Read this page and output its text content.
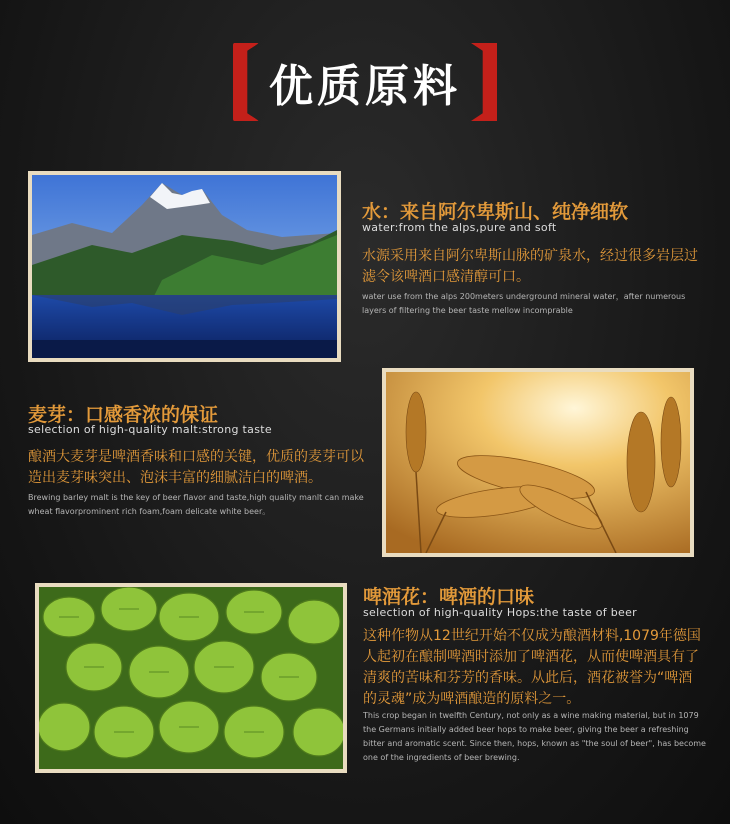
优质原料
水：来自阿尔卑斯山、纯净细软
water:from the alps,pure and soft
水源采用来自阿尔卑斯山脉的矿泉水，经过很多岩层过滤令该啤酒口感清醇可口。
water use from the alps 200meters underground mineral water，after numerous layers of filtering the beer taste mellow incomprable
麦芽：口感香浓的保证
selection of high-quality malt:strong taste
酿酒大麦芽是啤酒香味和口感的关键，优质的麦芽可以造出麦芽味突出、泡沫丰富的细腻洁白的啤酒。
Brewing barley malt is the key of beer flavor and taste,high quality manlt can make wheat flavorprominent rich foam,foam delicate white beer。
啤酒花：啤酒的口味
selection of high-quality Hops:the taste of beer
这种作物从12世纪开始不仅成为酿酒材料,1079年德国人起初在酿制啤酒时添加了啤酒花，从而使啤酒具有了清爽的苦味和芬芳的香味。从此后，酒花被誉为“啤酒的灵魂”成为啤酒酿造的原料之一。
This crop began in twelfth Century, not only as a wine making material, but in 1079 the Germans initially added beer hops to make beer, giving the beer a refreshing bitter and aromatic scent. Since then, hops, known as "the soul of beer", has become one of the ingredients of beer brewing.
